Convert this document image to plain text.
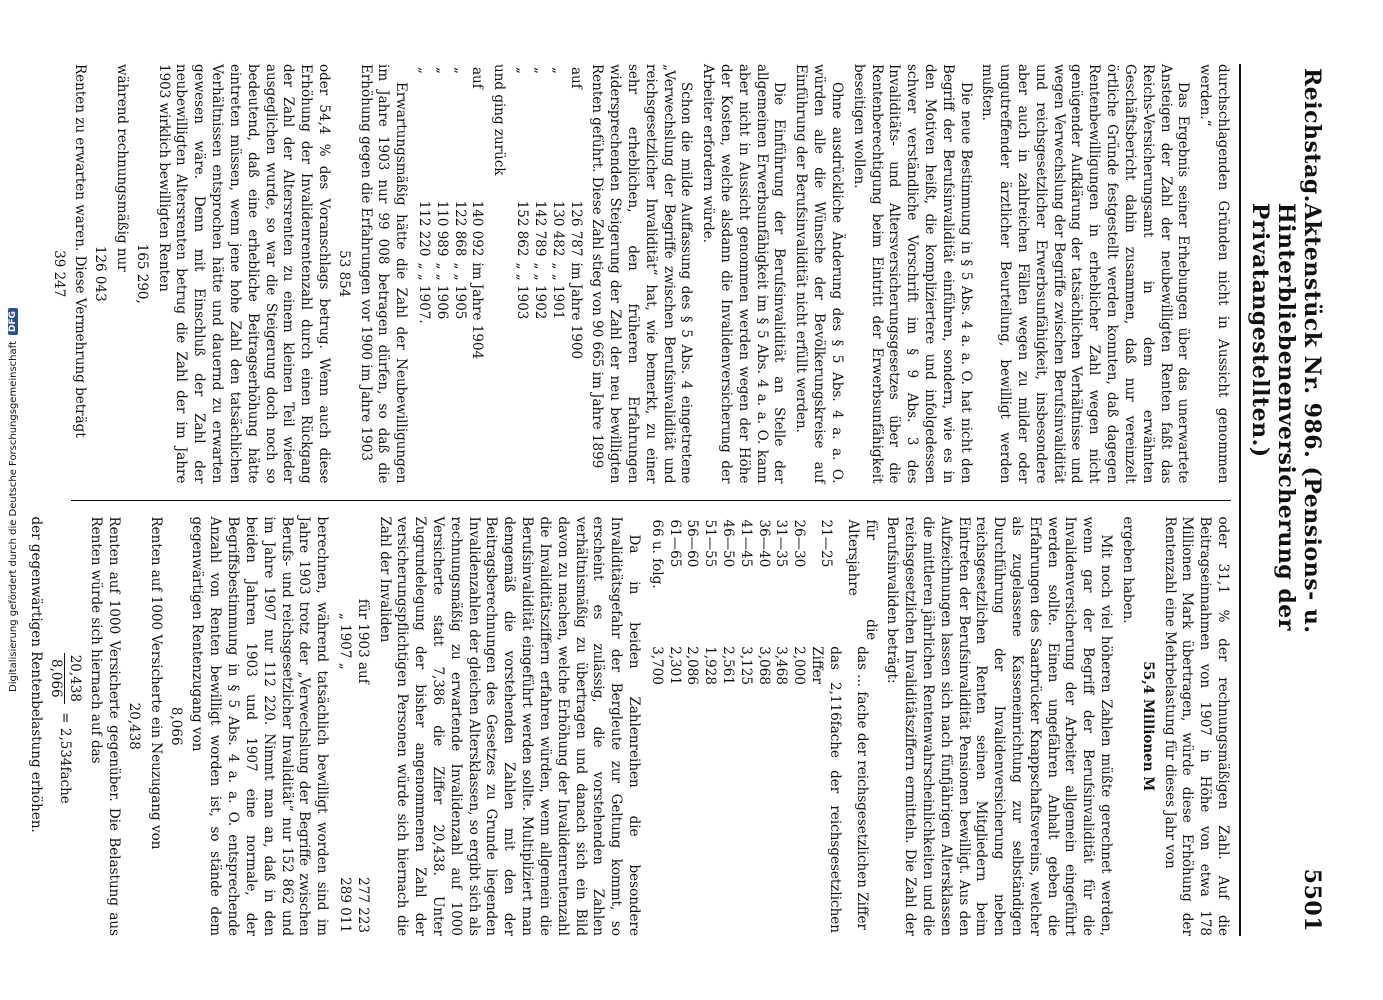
Digitalisierung gefördert durch die Deutsche Forschungsgemeinschaft
DFG
Reichstag.
Aktenstück Nr. 986. (Pensions- u. Hinterbliebenenversicherung der Privatangestellten.)
5501

durchschlagenden Gründen nicht in Aussicht genommen werden.“

Das Ergebnis seiner Erhebungen über das unerwartete Ansteigen der Zahl der neubewilligten Renten faßt das Reichs-Versicherungsamt in dem erwähnten Geschäftsbericht dahin zusammen, daß nur vereinzelt örtliche Gründe festgestellt werden konnten, daß dagegen Rentenbewilligungen in erheblicher Zahl wegen nicht genügender Aufklärung der tatsächlichen Verhältnisse und wegen Verwechslung der Begriffe zwischen Berufsinvalidität und reichsgesetzlicher Erwerbsunfähigkeit, insbesondere aber auch in zahlreichen Fällen wegen zu milder oder ungutreffender ärztlicher Beurteilung, bewilligt werden mußten.

Die neue Bestimmung in § 5 Abs. 4 a. a. O. hat nicht den Begriff der Berufsinvalidität einführen, sondern, wie es in den Motiven heißt, die kompliziertere und infolgedessen schwer verständliche Vorschrift im § 9 Abs. 3 des Invaliditäts- und Altersversicherungsgesetzes über die Rentenberechtigung beim Eintritt der Erwerbsunfähigkeit beseitigen wollen.

Ohne ausdrückliche Änderung des § 5 Abs. 4 a. a. O. würden alle die Wünsche der Bevölkerungskreise auf Einführung der Berufsinvalidität nicht erfüllt werden.

Die Einführung der Berufsinvalidität an Stelle der allgemeinen Erwerbsunfähigkeit im § 5 Abs. 4 a. a. O. kann aber nicht in Aussicht genommen werden wegen der Höhe der Kosten, welche alsdann die Invalidenversicherung der Arbeiter erfordern würde.

Schon die milde Auffassung des § 5 Abs. 4 eingetretene „Verwechslung der Begriffe zwischen Berufsinvalidität und reichsgesetzlicher Invalidität“ hat, wie bemerkt, zu einer sehr erheblichen, den früheren Erfahrungen widersprechenden Steigerung der Zahl der neu bewilligten Renten geführt. Diese Zahl stieg von 90 665 im Jahre 1899

auf	126 787	im Jahre 1900
„	130 482	„ „ 1901
„	142 789	„ „ 1902
„	152 862	„ „ 1903

und ging zurück

auf	140 092	im Jahre 1904
„	122 868	„ „ 1905
„	110 989	„ „ 1906
„	112 220	„ „ 1907.

Erwartungsmäßig hätte die Zahl der Neubewilligungen im Jahre 1903 nur 99 008 betragen dürfen, so daß die Erhöhung gegen die Erfahrungen vor 1900 im Jahre 1903

53 854

oder 54,4 % des Voranschlags betrug. Wenn auch diese Erhöhung der Invalidenrentenzahl durch einen Rückgang der Zahl der Altersrenten zu einem kleinen Teil wieder ausgeglichen wurde, so war die Steigerung doch noch so bedeutend, daß eine erhebliche Beitragserhöhung hätte eintreten müssen, wenn jene hohe Zahl den tatsächlichen Verhältnissen entsprochen hätte und dauernd zu erwarten gewesen wäre. Denn mit Einschluß der Zahl der neubewilligten Altersrenten betrug die Zahl der im Jahre 1903 wirklich bewilligten Renten

165 290,

während rechnungsmäßig nur

126 043

Renten zu erwarten waren. Diese Vermehrung beträgt

39 247

oder 31,1 % der rechnungsmäßigen Zahl. Auf die Beitragseinnahmen von 1907 in Höhe von etwa 178 Millionen Mark übertragen, würde diese Erhöhung der Rentenzahl eine Mehrbelastung für dieses Jahr von

55,4 Millionen M

ergeben haben.

Mit noch viel höheren Zahlen müßte gerechnet werden, wenn gar der Begriff der Berufsinvalidität für die Invalidenversicherung der Arbeiter allgemein eingeführt werden sollte. Einen ungefähren Anhalt geben die Erfahrungen des Saarbrücker Knappschaftsvereins, welcher als zugelassene Kasseneinrichtung zur selbständigen Durchführung der Invalidenversicherung neben reichsgesetzlichen Renten seinen Mitgliedern beim Eintreten der Berufsinvalidität Pensionen bewilligt. Aus den Aufzeichnungen lassen sich nach fünfjährigen Altersklassen die mittleren jährlichen Rentenwahrscheinlichkeiten und die reichsgesetzlichen Invaliditätsziffern ermitteln. Die Zahl der Berufsinvaliden beträgt:

für die Altersjahre	das ... fache der reichsgesetzlichen Ziffer
21—25	das 2,116fache der reichsgesetzlichen Ziffer
26—30	2,000
31—35	3,468
36—40	3,068
41—45	3,125
46—50	2,561
51—55	1,928
56—60	2,086
61—65	2,301
66 u. folg.	3,700

Da in beiden Zahlenreihen die besondere Invaliditätsgefahr der Bergleute zur Geltung kommt, so erscheint es zulässig, die vorstehenden Zahlen verhältnismäßig zu übertragen und danach sich ein Bild davon zu machen, welche Erhöhung der Invalidenrentenzahl die Invaliditätsziffern erfahren würden, wenn allgemein die Berufsinvalidität eingeführt werden sollte. Multipliziert man demgemäß die vorstehenden Zahlen mit den der Beitragsberechnungen des Gesetzes zu Grunde liegenden Invalidenzahlen der gleichen Altersklassen, so ergibt sich als rechnungsmäßig zu erwartende Invalidenzahl auf 1000 Versicherte statt 7,386 die Ziffer 20,438. Unter Zugrundelegung der bisher angenommenen Zahl der versicherungspflichtigen Personen würde sich hiernach die Zahl der Invaliden

für 1903 auf	277 223
„ 1907 „	289 011

berechnen, während tatsächlich bewilligt worden sind im Jahre 1903 trotz der „Verwechslung der Begriffe zwischen Berufs- und reichsgesetzlicher Invalidität“ nur 152 862 und im Jahre 1907 nur 112 220. Nimmt man an, daß in den beiden Jahren 1903 und 1907 eine normale, der Begriffsbestimmung in § 5 Abs. 4 a. a. O. entsprechende Anzahl von Renten bewilligt worden ist, so stände dem gegenwärtigen Rentenzugang von

8,066

Renten auf 1000 Versicherte ein Neuzugang von

20,438

Renten auf 1000 Versicherte gegenüber. Die Belastung aus Renten würde sich hiernach auf das

20,438
8,066
= 2,534fache

der gegenwärtigen Rentenbelastung erhöhen.
